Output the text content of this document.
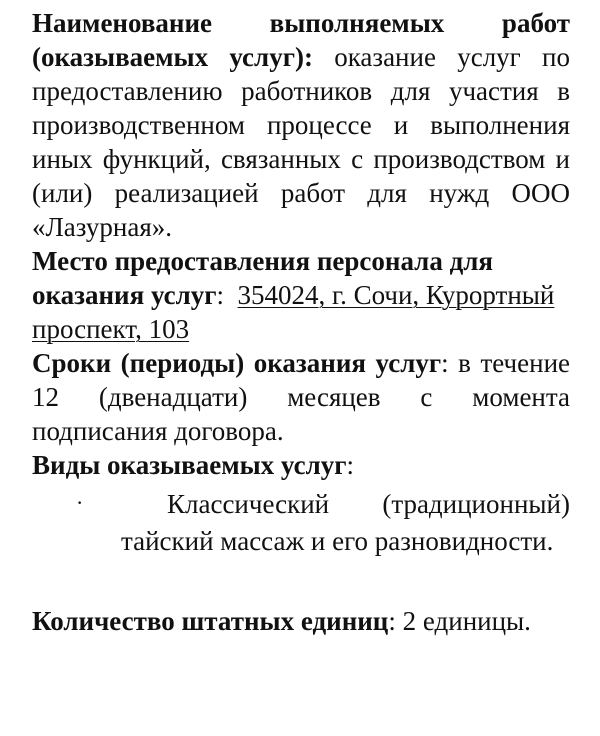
Наименование выполняемых работ (оказываемых услуг): оказание услуг по предоставлению работников для участия в производственном процессе и выполнения иных функций, связанных с производством и (или) реализацией работ для нужд ООО «Лазурная».

Место предоставления персонала для оказания услуг: 354024, г. Сочи, Курортный проспект, 103

Сроки (периоды) оказания услуг: в течение 12 (двенадцати) месяцев с момента подписания договора.

Виды оказываемых услуг:

·	Классический (традиционный) тайский массаж и его разновидности.

Количество штатных единиц: 2 единицы.
